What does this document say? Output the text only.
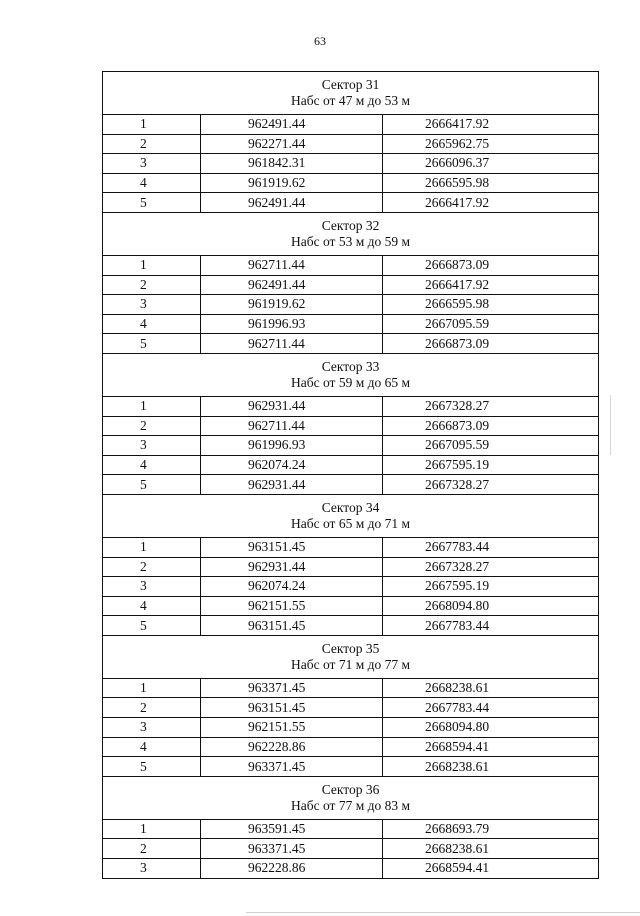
63
Сектор 31
Набс от 47 м до 53 м		

1	962491.44	2666417.92
2	962271.44	2665962.75
3	961842.31	2666096.37
4	961919.62	2666595.98
5	962491.44	2666417.92

Сектор 32
Набс от 53 м до 59 м		

1	962711.44	2666873.09
2	962491.44	2666417.92
3	961919.62	2666595.98
4	961996.93	2667095.59
5	962711.44	2666873.09

Сектор 33
Набс от 59 м до 65 м		

1	962931.44	2667328.27
2	962711.44	2666873.09
3	961996.93	2667095.59
4	962074.24	2667595.19
5	962931.44	2667328.27

Сектор 34
Набс от 65 м до 71 м		

1	963151.45	2667783.44
2	962931.44	2667328.27
3	962074.24	2667595.19
4	962151.55	2668094.80
5	963151.45	2667783.44

Сектор 35
Набс от 71 м до 77 м		

1	963371.45	2668238.61
2	963151.45	2667783.44
3	962151.55	2668094.80
4	962228.86	2668594.41
5	963371.45	2668238.61

Сектор 36
Набс от 77 м до 83 м		

1	963591.45	2668693.79
2	963371.45	2668238.61
3	962228.86	2668594.41
